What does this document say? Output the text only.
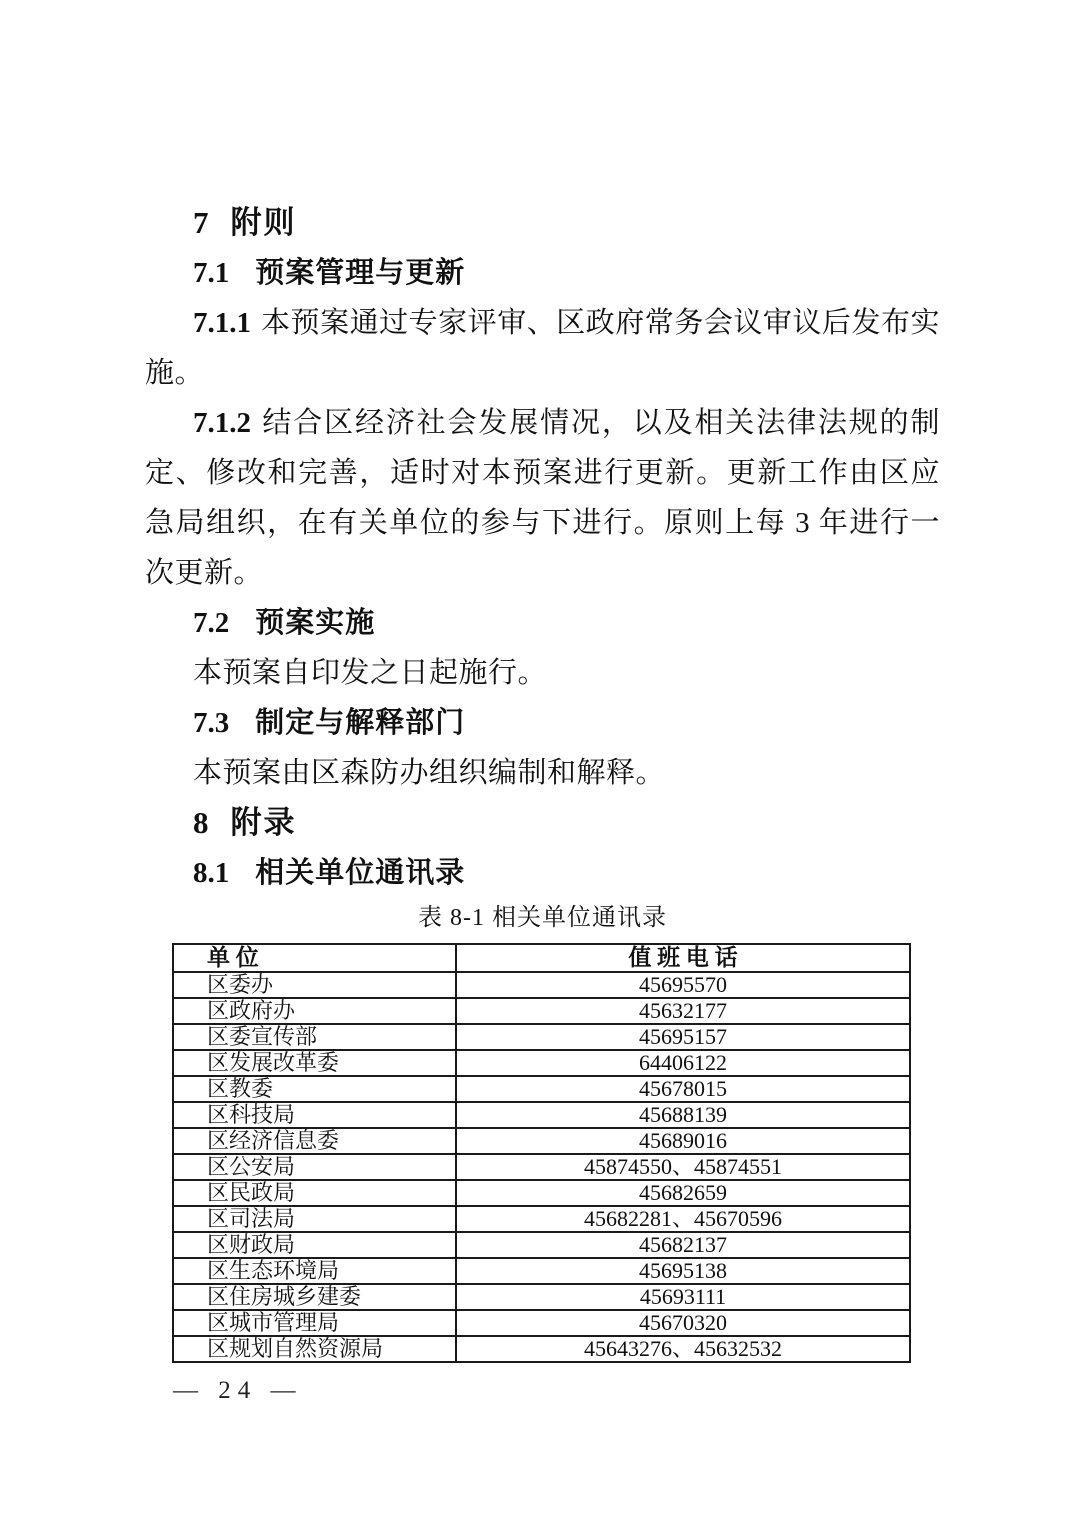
7 附则
7.1 预案管理与更新

7.1.1 本预案通过专家评审、区政府常务会议审议后发布实施。

7.1.2 结合区经济社会发展情况，以及相关法律法规的制定、修改和完善，适时对本预案进行更新。更新工作由区应急局组织，在有关单位的参与下进行。原则上每 3 年进行一次更新。

7.2 预案实施

本预案自印发之日起施行。

7.3 制定与解释部门

本预案由区森防办组织编制和解释。

8 附录
8.1 相关单位通讯录
表 8-1 相关单位通讯录
单 位	值 班 电 话
区委办	45695570
区政府办	45632177
区委宣传部	45695157
区发展改革委	64406122
区教委	45678015
区科技局	45688139
区经济信息委	45689016
区公安局	45874550、45874551
区民政局	45682659
区司法局	45682281、45670596
区财政局	45682137
区生态环境局	45695138
区住房城乡建委	45693111
区城市管理局	45670320
区规划自然资源局	45643276、45632532
— 24 —
